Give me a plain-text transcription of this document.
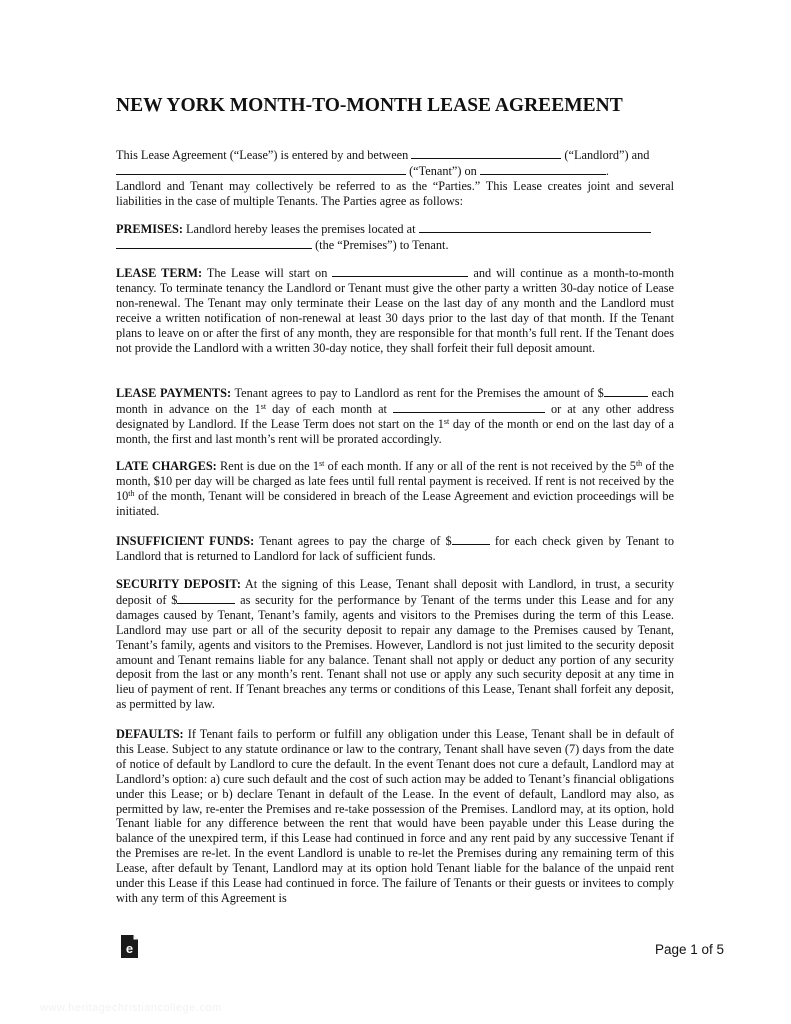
NEW YORK MONTH-TO-MONTH LEASE AGREEMENT

This Lease Agreement (“Lease”) is entered by and between	(“Landlord”) and
(“Tenant”) on	.
Landlord and Tenant may collectively be referred to as the “Parties.” This Lease creates joint and several liabilities in the case of multiple Tenants. The Parties agree as follows:

PREMISES: Landlord hereby leases the premises located at
(the “Premises”) to Tenant.

LEASE TERM: The Lease will start on	and will continue as a month-to-month tenancy. To terminate tenancy the Landlord or Tenant must give the other party a written 30-day notice of Lease non-renewal. The Tenant may only terminate their Lease on the last day of any month and the Landlord must receive a written notification of non-renewal at least 30 days prior to the last day of that month. If the Tenant plans to leave on or after the first of any month, they are responsible for that month’s full rent. If the Tenant does not provide the Landlord with a written 30-day notice, they shall forfeit their full deposit amount.

LEASE PAYMENTS: Tenant agrees to pay to Landlord as rent for the Premises the amount of $	each month in advance on the 1st day of each month at	or at any other address designated by Landlord. If the Lease Term does not start on the 1st day of the month or end on the last day of a month, the first and last month’s rent will be prorated accordingly.

LATE CHARGES: Rent is due on the 1st of each month. If any or all of the rent is not received by the 5th of the month, $10 per day will be charged as late fees until full rental payment is received. If rent is not received by the 10th of the month, Tenant will be considered in breach of the Lease Agreement and eviction proceedings will be initiated.

INSUFFICIENT FUNDS: Tenant agrees to pay the charge of $	for each check given by Tenant to Landlord that is returned to Landlord for lack of sufficient funds.

SECURITY DEPOSIT: At the signing of this Lease, Tenant shall deposit with Landlord, in trust, a security deposit of $	as security for the performance by Tenant of the terms under this Lease and for any damages caused by Tenant, Tenant’s family, agents and visitors to the Premises during the term of this Lease. Landlord may use part or all of the security deposit to repair any damage to the Premises caused by Tenant, Tenant’s family, agents and visitors to the Premises. However, Landlord is not just limited to the security deposit amount and Tenant remains liable for any balance. Tenant shall not apply or deduct any portion of any security deposit from the last or any month’s rent. Tenant shall not use or apply any such security deposit at any time in lieu of payment of rent. If Tenant breaches any terms or conditions of this Lease, Tenant shall forfeit any deposit, as permitted by law.

DEFAULTS: If Tenant fails to perform or fulfill any obligation under this Lease, Tenant shall be in default of this Lease. Subject to any statute ordinance or law to the contrary, Tenant shall have seven (7) days from the date of notice of default by Landlord to cure the default. In the event Tenant does not cure a default, Landlord may at Landlord’s option: a) cure such default and the cost of such action may be added to Tenant’s financial obligations under this Lease; or b) declare Tenant in default of the Lease. In the event of default, Landlord may also, as permitted by law, re-enter the Premises and re-take possession of the Premises. Landlord may, at its option, hold Tenant liable for any difference between the rent that would have been payable under this Lease during the balance of the unexpired term, if this Lease had continued in force and any rent paid by any successive Tenant if the Premises are re-let. In the event Landlord is unable to re-let the Premises during any remaining term of this Lease, after default by Tenant, Landlord may at its option hold Tenant liable for the balance of the unpaid rent under this Lease if this Lease had continued in force. The failure of Tenants or their guests or invitees to comply with any term of this Agreement is

e	Page 1 of 5
www.heritagechristiancollege.com
